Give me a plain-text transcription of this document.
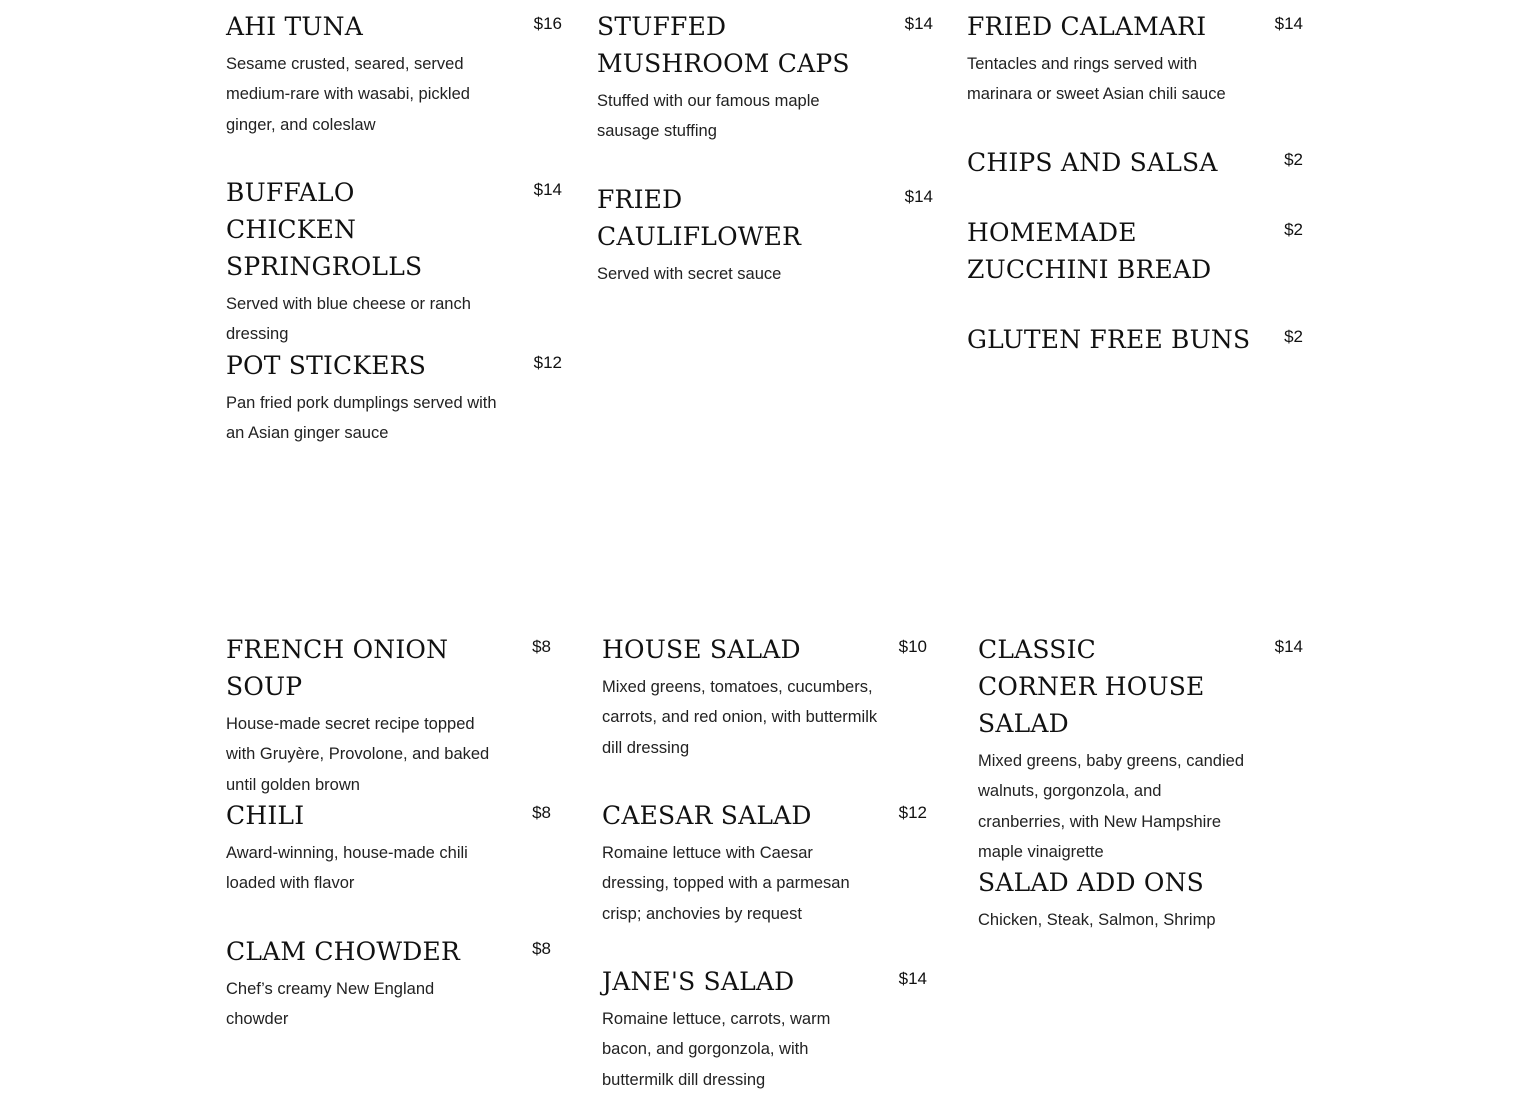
AHI TUNA	$16

Sesame crusted, seared, served medium-rare with wasabi, pickled ginger, and coleslaw

BUFFALO CHICKEN SPRINGROLLS
$14

Served with blue cheese or ranch dressing

POT STICKERS	$12

Pan fried pork dumplings served with an Asian ginger sauce

STUFFED MUSHROOM CAPS
$14

Stuffed with our famous maple sausage stuffing

FRIED CAULIFLOWER
$14

Served with secret sauce

FRIED CALAMARI	$14

Tentacles and rings served with marinara or sweet Asian chili sauce

CHIPS AND SALSA	$2
HOMEMADE ZUCCHINI BREAD
$2
GLUTEN FREE BUNS	$2
FRENCH ONION SOUP
$8

House-made secret recipe topped with Gruyère, Provolone, and baked until golden brown

CHILI	$8

Award-winning, house-made chili loaded with flavor

CLAM CHOWDER	$8

Chef’s creamy New England chowder

HOUSE SALAD	$10

Mixed greens, tomatoes, cucumbers, carrots, and red onion, with buttermilk dill dressing

CAESAR SALAD	$12

Romaine lettuce with Caesar dressing, topped with a parmesan crisp; anchovies by request

JANE'S SALAD	$14

Romaine lettuce, carrots, warm bacon, and gorgonzola, with buttermilk dill dressing

CLASSIC CORNER HOUSE SALAD
$14

Mixed greens, baby greens, candied walnuts, gorgonzola, and cranberries, with New Hampshire maple vinaigrette

SALAD ADD ONS

Chicken, Steak, Salmon, Shrimp
